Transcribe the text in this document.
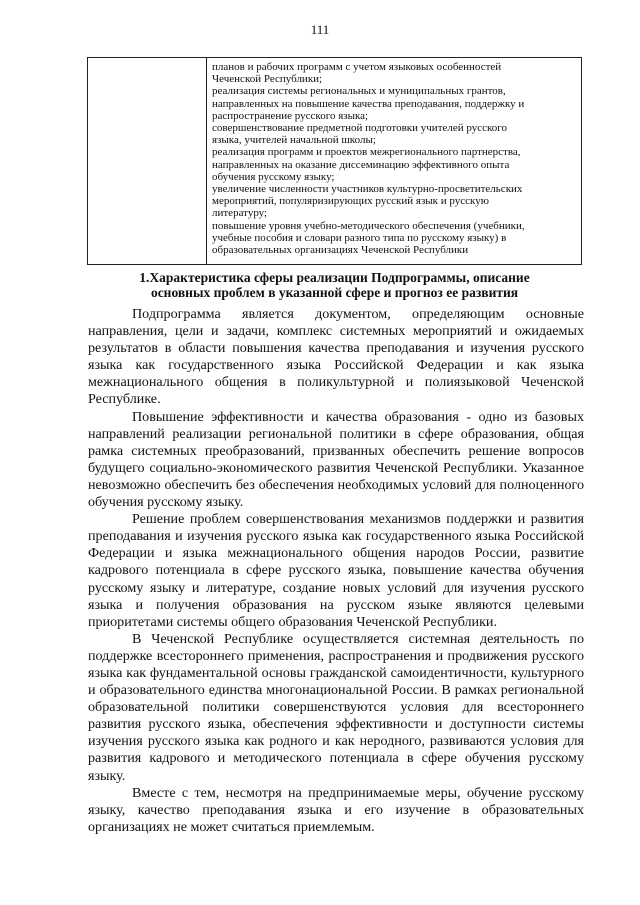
111
планов и рабочих программ с учетом языковых особенностей
Чеченской Республики;
реализация системы региональных и муниципальных грантов,
направленных на повышение качества преподавания, поддержку и
распространение русского языка;
совершенствование предметной подготовки учителей русского
языка, учителей начальной школы;
реализация программ и проектов межрегионального партнерства,
направленных на оказание диссеминацию эффективного опыта
обучения русскому языку;
увеличение численности участников культурно-просветительских
мероприятий, популяризирующих русский язык и русскую
литературу;
повышение уровня учебно-методического обеспечения (учебники,
учебные пособия и словари разного типа по русскому языку) в
образовательных организациях Чеченской Республики
1.Характеристика сферы реализации Подпрограммы, описание
основных проблем в указанной сфере и прогноз ее развития

Подпрограмма является документом, определяющим основные направления, цели и задачи, комплекс системных мероприятий и ожидаемых результатов в области повышения качества преподавания и изучения русского языка как государственного языка Российской Федерации и как языка межнационального общения в поликультурной и полиязыковой Чеченской Республике.

Повышение эффективности и качества образования - одно из базовых направлений реализации региональной политики в сфере образования, общая рамка системных преобразований, призванных обеспечить решение вопросов будущего социально-экономического развития Чеченской Республики. Указанное невозможно обеспечить без обеспечения необходимых условий для полноценного обучения русскому языку.

Решение проблем совершенствования механизмов поддержки и развития преподавания и изучения русского языка как государственного языка Российской Федерации и языка межнационального общения народов России, развитие кадрового потенциала в сфере русского языка, повышение качества обучения русскому языку и литературе, создание новых условий для изучения русского языка и получения образования на русском языке являются целевыми приоритетами системы общего образования Чеченской Республики.

В Чеченской Республике осуществляется системная деятельность по поддержке всестороннего применения, распространения и продвижения русского языка как фундаментальной основы гражданской самоидентичности, культурного и образовательного единства многонациональной России. В рамках региональной образовательной политики совершенствуются условия для всестороннего развития русского языка, обеспечения эффективности и доступности системы изучения русского языка как родного и как неродного, развиваются условия для развития кадрового и методического потенциала в сфере обучения русскому языку.

Вместе с тем, несмотря на предпринимаемые меры, обучение русскому языку, качество преподавания языка и его изучение в образовательных организациях не может считаться приемлемым.
